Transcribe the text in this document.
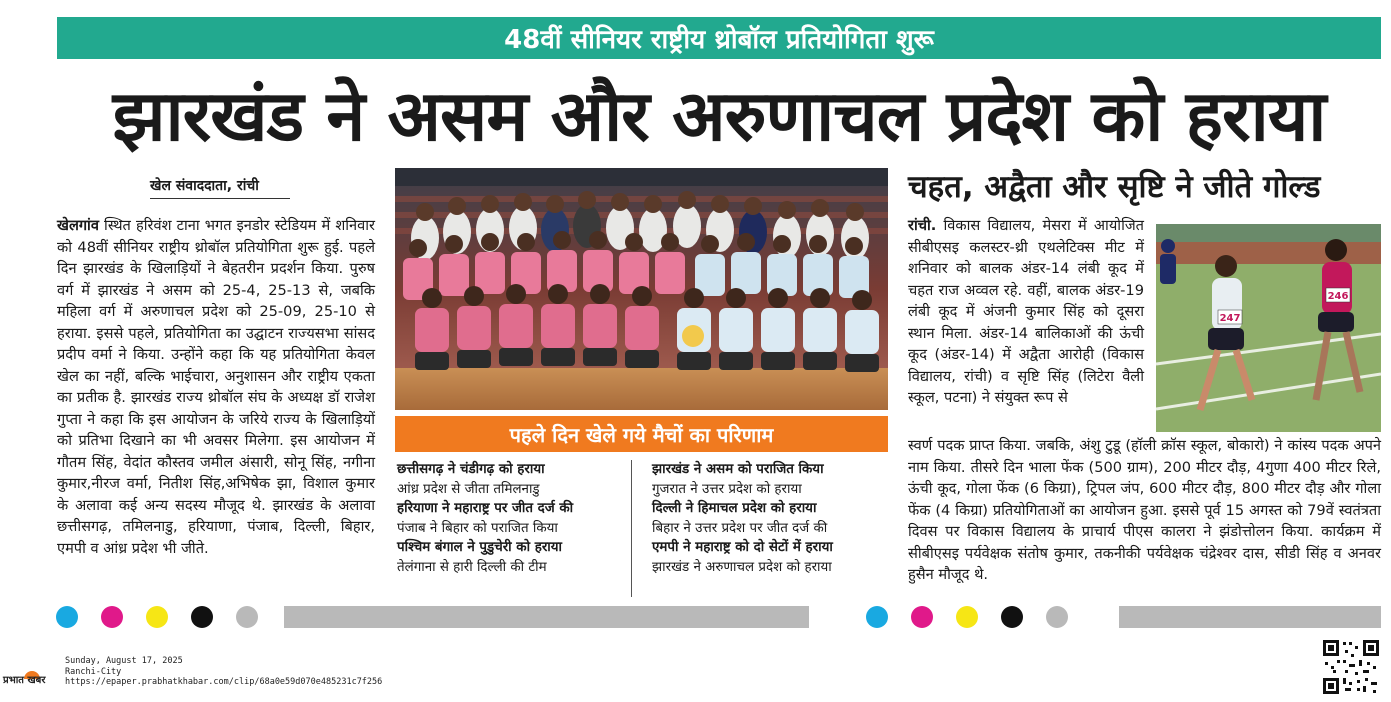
48वीं सीनियर राष्ट्रीय थ्रोबॉल प्रतियोगिता शुरू
झारखंड ने असम और अरुणाचल प्रदेश को हराया
खेल संवाददाता, रांची
खेलगांव स्थित हरिवंश टाना भगत इनडोर स्टेडियम में शनिवार को 48वीं सीनियर राष्ट्रीय थ्रोबॉल प्रतियोगिता शुरू हुई. पहले दिन झारखंड के खिलाड़ियों ने बेहतरीन प्रदर्शन किया. पुरुष वर्ग में झारखंड ने असम को 25-4, 25-13 से, जबकि महिला वर्ग में अरुणाचल प्रदेश को 25-09, 25-10 से हराया. इससे पहले, प्रतियोगिता का उद्घाटन राज्यसभा सांसद प्रदीप वर्मा ने किया. उन्होंने कहा कि यह प्रतियोगिता केवल खेल का नहीं, बल्कि भाईचारा, अनुशासन और राष्ट्रीय एकता का प्रतीक है. झारखंड राज्य थ्रोबॉल संघ के अध्यक्ष डॉ राजेश गुप्ता ने कहा कि इस आयोजन के जरिये राज्य के खिलाड़ियों को प्रतिभा दिखाने का भी अवसर मिलेगा. इस आयोजन में गौतम सिंह, वेदांत कौस्तव जमील अंसारी, सोनू सिंह, नगीना कुमार,नीरज वर्मा, नितीश सिंह,अभिषेक झा, विशाल कुमार के अलावा कई अन्य सदस्य मौजूद थे. झारखंड के अलावा छत्तीसगढ़, तमिलनाडु, हरियाणा, पंजाब, दिल्ली, बिहार, एमपी व आंध्र प्रदेश भी जीते.
पहले दिन खेले गये मैचों का परिणाम
छत्तीसगढ़ ने चंडीगढ़ को हराया
आंध्र प्रदेश से जीता तमिलनाडु
हरियाणा ने महाराष्ट्र पर जीत दर्ज की
पंजाब ने बिहार को पराजित किया
पश्चिम बंगाल ने पुडुचेरी को हराया
तेलंगाना से हारी दिल्ली की टीम
झारखंड ने असम को पराजित किया
गुजरात ने उत्तर प्रदेश को हराया
दिल्ली ने हिमाचल प्रदेश को हराया
बिहार ने उत्तर प्रदेश पर जीत दर्ज की
एमपी ने महाराष्ट्र को दो सेटों में हराया
झारखंड ने अरुणाचल प्रदेश को हराया
चहत, अद्वैता और सृष्टि ने जीते गोल्ड
रांची. विकास विद्यालय, मेसरा में आयोजित सीबीएसइ कलस्टर-थ्री एथलेटिक्स मीट में शनिवार को बालक अंडर-14 लंबी कूद में चहत राज अव्वल रहे. वहीं, बालक अंडर-19 लंबी कूद में अंजनी कुमार सिंह को दूसरा स्थान मिला. अंडर-14 बालिकाओं की ऊंची कूद (अंडर-14) में अद्वैता आरोही (विकास विद्यालय, रांची) व सृष्टि सिंह (लिटेरा वैली स्कूल, पटना) ने संयुक्त रूप से
247
246
स्वर्ण पदक प्राप्त किया. जबकि, अंशु टुडू (हॉली क्रॉस स्कूल, बोकारो) ने कांस्य पदक अपने नाम किया. तीसरे दिन भाला फेंक (500 ग्राम), 200 मीटर दौड़, 4गुणा 400 मीटर रिले, ऊंची कूद, गोला फेंक (6 किग्रा), ट्रिपल जंप, 600 मीटर दौड़, 800 मीटर दौड़ और गोला फेंक (4 किग्रा) प्रतियोगिताओं का आयोजन हुआ. इससे पूर्व 15 अगस्त को 79वें स्वतंत्रता दिवस पर विकास विद्यालय के प्राचार्य पीएस कालरा ने झंडोत्तोलन किया. कार्यक्रम में सीबीएसइ पर्यवेक्षक संतोष कुमार, तकनीकी पर्यवेक्षक चंद्रेश्वर दास, सीडी सिंह व अनवर हुसैन मौजूद थे.
प्रभात खबर
Sunday, August 17, 2025
Ranchi-City
https://epaper.prabhatkhabar.com/clip/68a0e59d070e485231c7f256
